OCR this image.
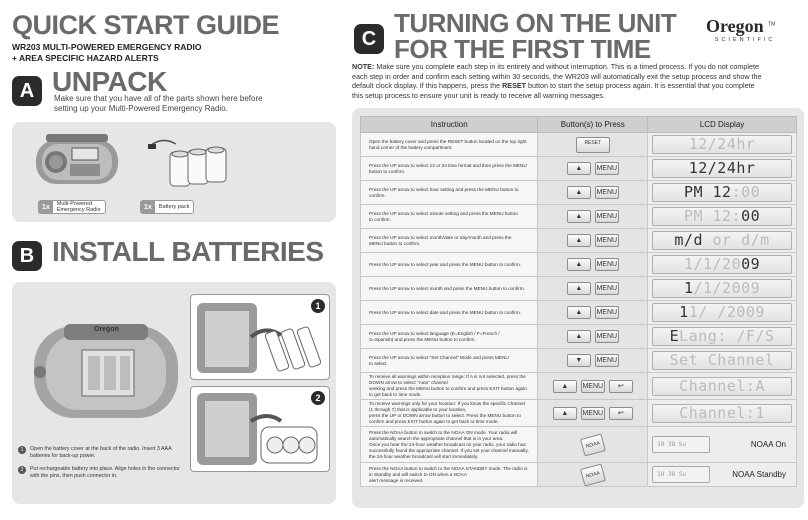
QUICK START GUIDE
WR203 MULTI-POWERED EMERGENCY RADIO
+ AREA SPECIFIC HAZARD ALERTS
A UNPACK
Make sure that you have all of the parts shown here before
setting up your Multi-Powered Emergency Radio.
1x	Multi-Powered
Emergency Radio	1x	Battery pack
B INSTALL BATTERIES
Oregon
1
2
1	Open the battery cover at the back of the radio. Insert 3 AAA
batteries for back-up power.
2	Put rechargeable battery into place. Align holes in the connector
with the pins, then push connector in.
C
TURNING ON THE UNIT
FOR THE FIRST TIME
Oregon ™
SCIENTIFIC
NOTE: Make sure you complete each step in its entirety and without interruption. This is a timed process. If you do not complete
each step in order and confirm each setting within 30 seconds, the WR203 will automatically exit the setup process and show the
default clock display. If this happens, press the RESET button to start the setup process again. It is essential that you complete
this setup process to ensure your unit is ready to receive all warning messages.
Instruction	Button(s) to Press	LCD Display
Open the battery cover and press the RESET button located on the top right
hand corner of the battery compartment.	RESET	12/24hr

Press the UP arrow to select 12 or 24 time format and then press the MENU
button to confirm.	▲ MENU	12/24hr

Press the UP arrow to select hour setting and press the MENU button to
confirm.	▲ MENU	PM 12:00

Press the UP arrow to select minute setting and press the MENU button
to confirm.	▲ MENU	PM 12:00

Press the UP arrow to select month/date or day/month and press the
MENU button to confirm.	▲ MENU	m/d or d/m

Press the UP arrow to select year and press the MENU button to confirm.	▲ MENU	1/1/2009

Press the UP arrow to select month and press the MENU button to confirm.	▲ MENU	1/1/2009

Press the UP arrow to select date and press the MENU button to confirm.	▲ MENU	11/ /2009

Press the UP arrow to select language (E=English / F=French /
S=Spanish) and press the MENU button to confirm.	▲ MENU	ELang: /F/S

Press the UP arrow to select "Set Channel" Mode and press MENU
to select.	▼ MENU	Set Channel

To receive all warnings within reception range: If A is not selected, press the DOWN arrow to select "Auto" channel
seeking and press the MENU button to confirm and press EXIT button again to get back to time mode.	▲ MENU ↩	Channel:A

To receive warnings only for your location: If you know the specific Channel (1 through 7) that is applicable to your location,
press the UP or DOWN arrow button to select. Press the MENU button to confirm and press EXIT button again to get back to time mode.	▲ MENU ↩	Channel:1

Press the NOAA button to switch to the NOAA ON mode. Your radio will automatically search the appropriate channel that is in your area.
Once you hear the 24-hour weather broadcast on your radio, your radio has successfully found the appropriate channel. If you set your channel manually, the 24-hour weather broadcast will start immediately.	NOAA	10 38 Su NOAA On

Press the NOAA button to switch to the NOAA STANDBY mode. The radio is in Standby and will switch to ON when a NOAA
alert message is received.	NOAA	10 38 Su NOAA Standby
